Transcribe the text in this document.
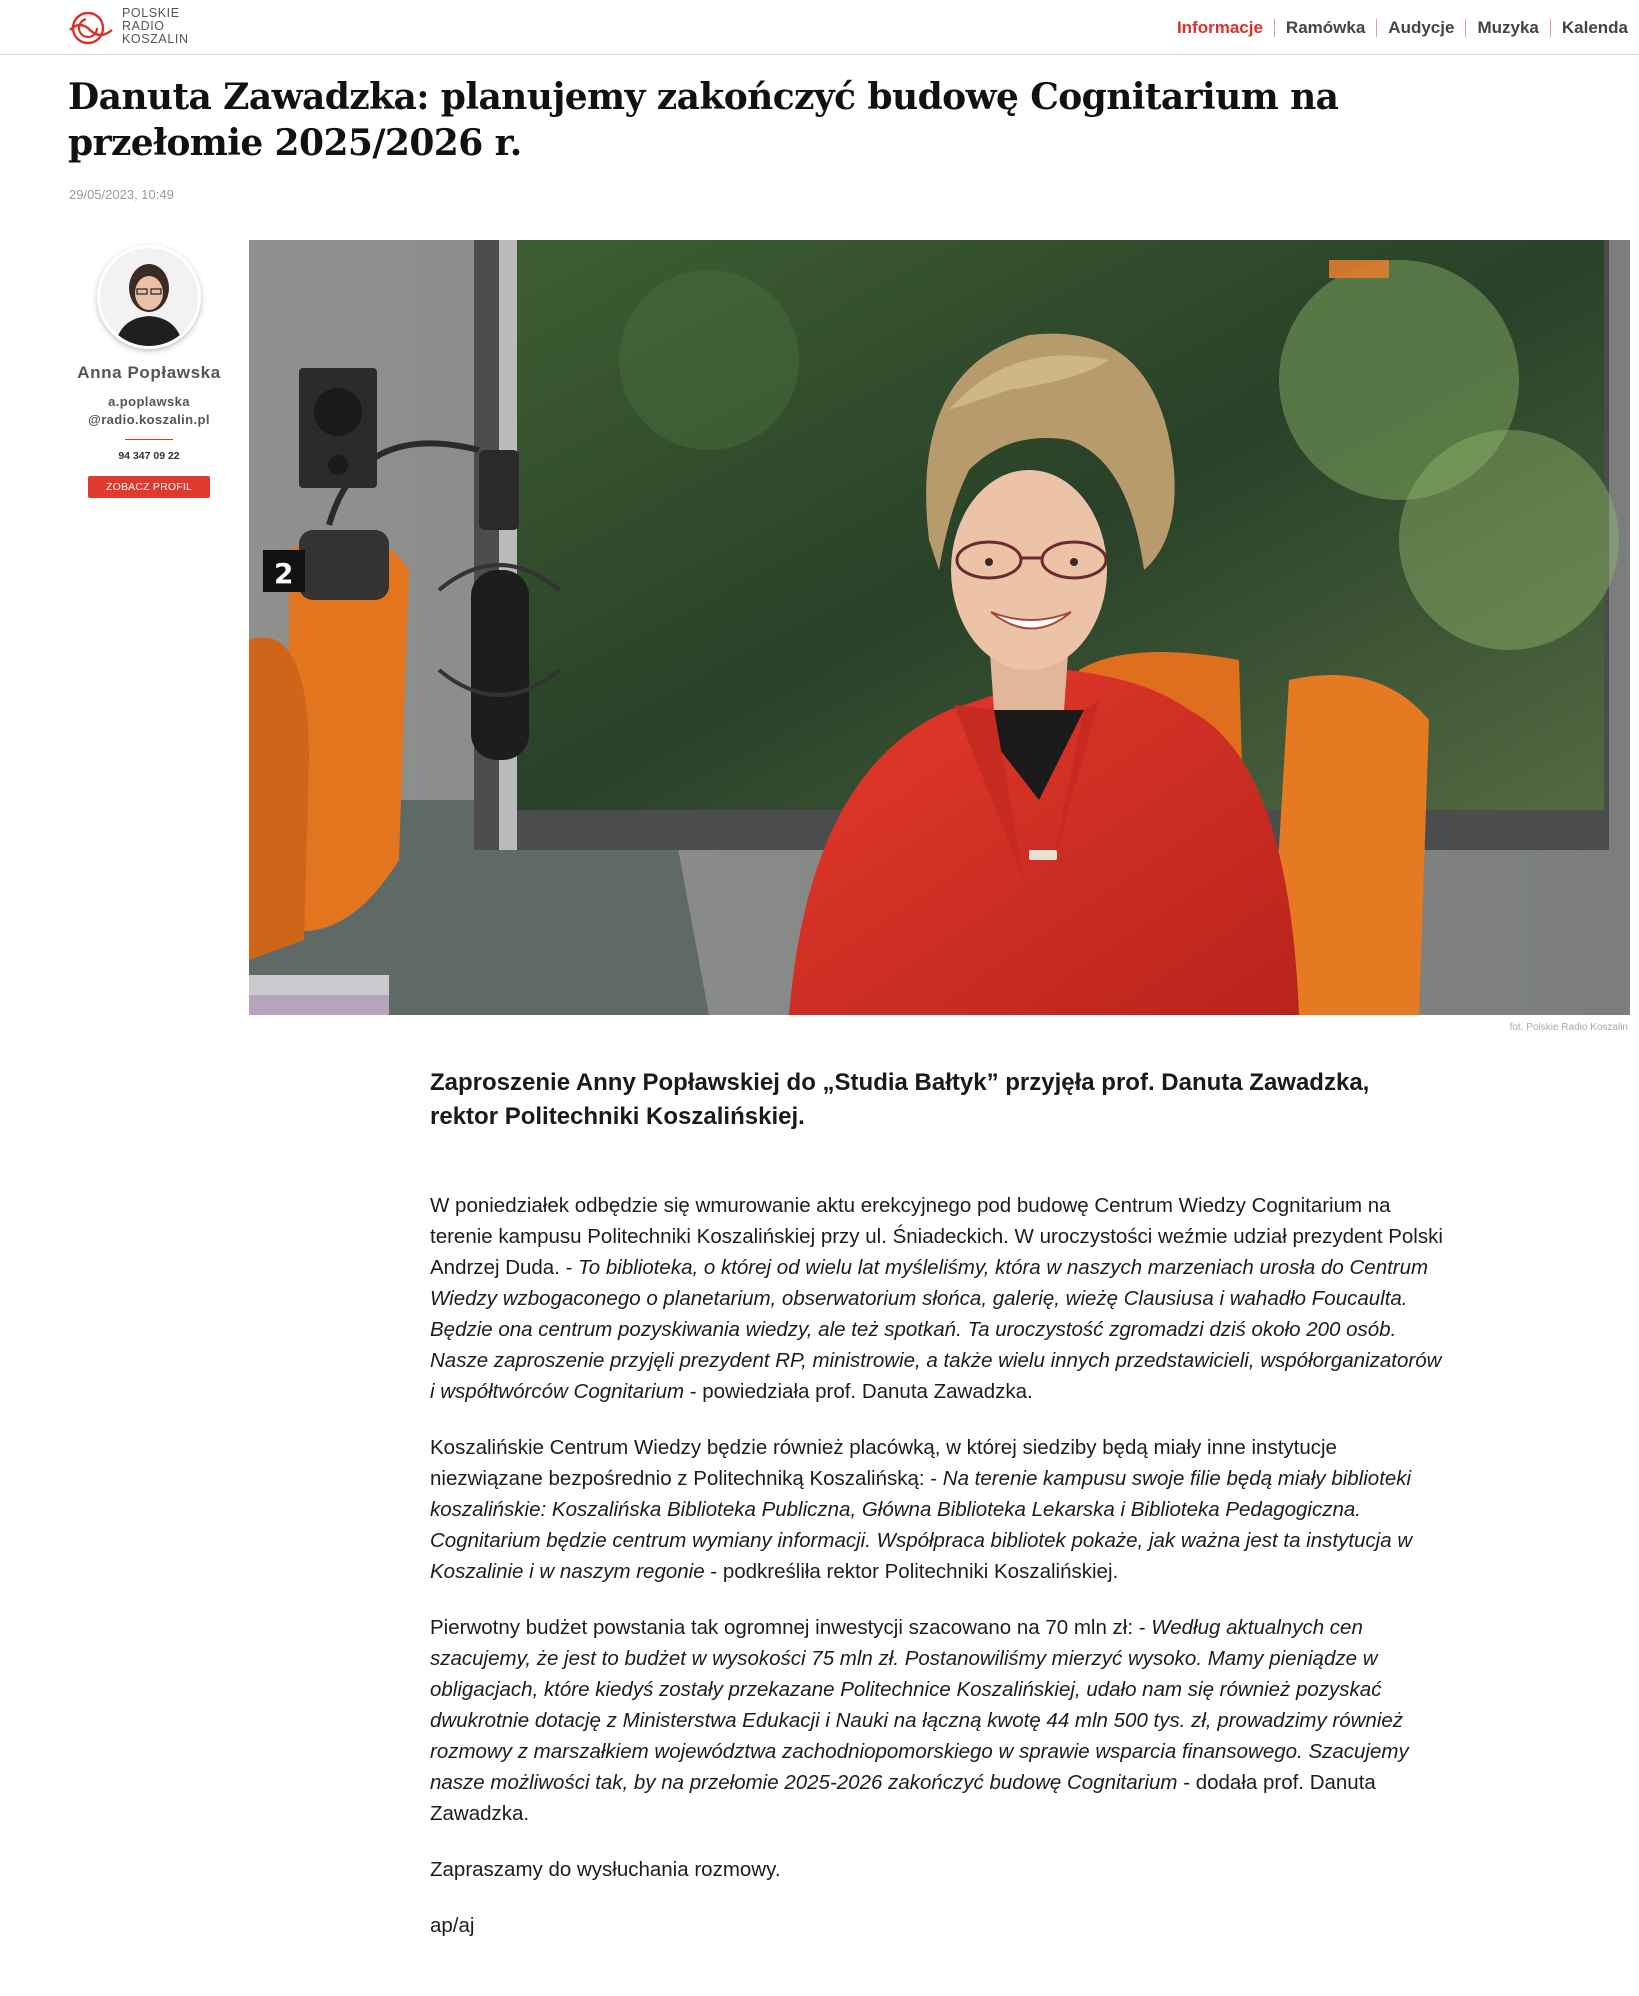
POLSKIE
RADIO
KOSZALIN
Informacje	Ramówka	Audycje	Muzyka	Kalenda
Danuta Zawadzka: planujemy zakończyć budowę Cognitarium na przełomie 2025/2026 r.
29/05/2023, 10:49
Anna Popławska
a.poplawska
@radio.koszalin.pl
94 347 09 22
ZOBACZ PROFIL
2
fot. Polskie Radio Koszalin
Zaproszenie Anny Popławskiej do „Studia Bałtyk” przyjęła prof. Danuta Zawadzka, rektor Politechniki Koszalińskiej.

W poniedziałek odbędzie się wmurowanie aktu erekcyjnego pod budowę Centrum Wiedzy Cognitarium na terenie kampusu Politechniki Koszalińskiej przy ul. Śniadeckich. W uroczystości weźmie udział prezydent Polski Andrzej Duda. - To biblioteka, o której od wielu lat myśleliśmy, która w naszych marzeniach urosła do Centrum Wiedzy wzbogaconego o planetarium, obserwatorium słońca, galerię, wieżę Clausiusa i wahadło Foucaulta. Będzie ona centrum pozyskiwania wiedzy, ale też spotkań. Ta uroczystość zgromadzi dziś około 200 osób. Nasze zaproszenie przyjęli prezydent RP, ministrowie, a także wielu innych przedstawicieli, współorganizatorów i współtwórców Cognitarium - powiedziała prof. Danuta Zawadzka.

Koszalińskie Centrum Wiedzy będzie również placówką, w której siedziby będą miały inne instytucje niezwiązane bezpośrednio z Politechniką Koszalińską: - Na terenie kampusu swoje filie będą miały biblioteki koszalińskie: Koszalińska Biblioteka Publiczna, Główna Biblioteka Lekarska i Biblioteka Pedagogiczna. Cognitarium będzie centrum wymiany informacji. Współpraca bibliotek pokaże, jak ważna jest ta instytucja w Koszalinie i w naszym regonie - podkreśliła rektor Politechniki Koszalińskiej.

Pierwotny budżet powstania tak ogromnej inwestycji szacowano na 70 mln zł: - Według aktualnych cen szacujemy, że jest to budżet w wysokości 75 mln zł. Postanowiliśmy mierzyć wysoko. Mamy pieniądze w obligacjach, które kiedyś zostały przekazane Politechnice Koszalińskiej, udało nam się również pozyskać dwukrotnie dotację z Ministerstwa Edukacji i Nauki na łączną kwotę 44 mln 500 tys. zł, prowadzimy również rozmowy z marszałkiem województwa zachodniopomorskiego w sprawie wsparcia finansowego. Szacujemy nasze możliwości tak, by na przełomie 2025-2026 zakończyć budowę Cognitarium - dodała prof. Danuta Zawadzka.

Zapraszamy do wysłuchania rozmowy.

ap/aj
